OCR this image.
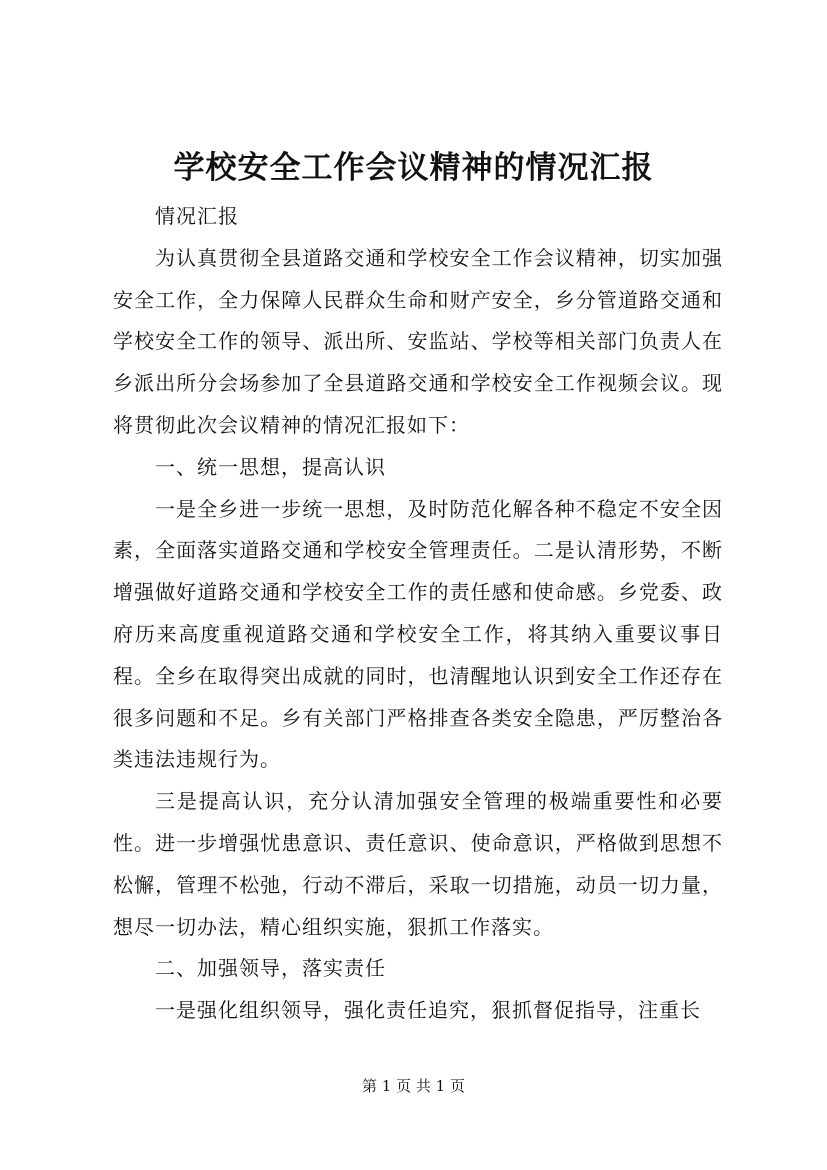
学校安全工作会议精神的情况汇报

情况汇报

为认真贯彻全县道路交通和学校安全工作会议精神，切实加强安全工作，全力保障人民群众生命和财产安全，乡分管道路交通和学校安全工作的领导、派出所、安监站、学校等相关部门负责人在乡派出所分会场参加了全县道路交通和学校安全工作视频会议。现将贯彻此次会议精神的情况汇报如下：

一、统一思想，提高认识

一是全乡进一步统一思想，及时防范化解各种不稳定不安全因素，全面落实道路交通和学校安全管理责任。二是认清形势，不断增强做好道路交通和学校安全工作的责任感和使命感。乡党委、政府历来高度重视道路交通和学校安全工作，将其纳入重要议事日程。全乡在取得突出成就的同时，也清醒地认识到安全工作还存在很多问题和不足。乡有关部门严格排查各类安全隐患，严厉整治各类违法违规行为。

三是提高认识，充分认清加强安全管理的极端重要性和必要性。进一步增强忧患意识、责任意识、使命意识，严格做到思想不松懈，管理不松弛，行动不滞后，采取一切措施，动员一切力量，想尽一切办法，精心组织实施，狠抓工作落实。

二、加强领导，落实责任

一是强化组织领导，强化责任追究，狠抓督促指导，注重长

第 1 页 共 1 页
